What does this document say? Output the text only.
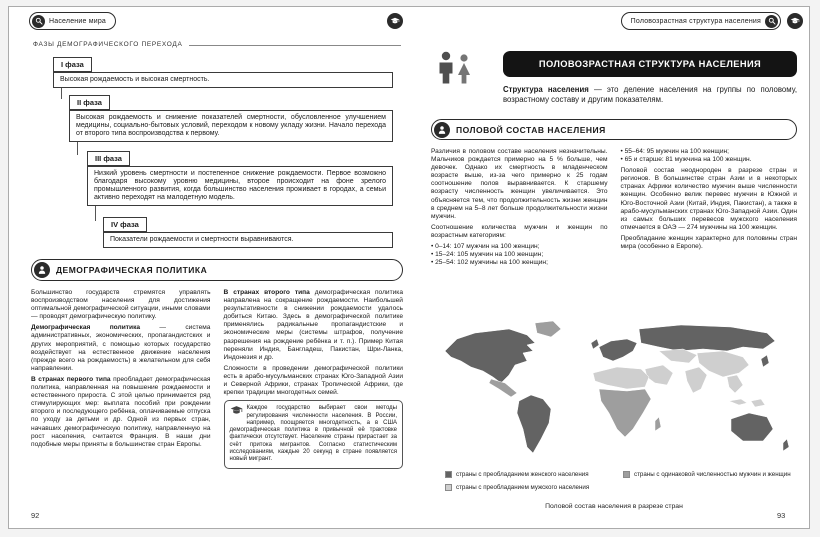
Население мира	Половозрастная структура населения
ФАЗЫ ДЕМОГРАФИЧЕСКОГО ПЕРЕХОДА
I фаза
Высокая рождаемость и высокая смертность.
II фаза
Высокая рождаемость и снижение показателей смертности, обусловленное улучшением медицины, социально-бытовых условий, переходом к новому укладу жизни. Начало перехода от второго типа воспроизводства к первому.
III фаза
Низкий уровень смертности и постепенное снижение рождаемости. Первое возможно благодаря высокому уровню медицины, второе происходит на фоне зрелого промышленного развития, когда большинство населения проживает в городах, а семьи активно переходят на малодетную модель.
IV фаза
Показатели рождаемости и смертности выравниваются.
ДЕМОГРАФИЧЕСКАЯ ПОЛИТИКА

Большинство государств стремятся управлять воспроизводством населения для достижения оптимальной демографической ситуации, иными словами — проводят демографическую политику.

Демографическая политика — система административных, экономических, пропагандистских и других мероприятий, с помощью которых государство воздействует на естественное движение населения (прежде всего на рождаемость) в желательном для себя направлении.

В странах первого типа преобладает демографическая политика, направленная на повышение рождаемости и естественного прироста. С этой целью принимается ряд стимулирующих мер: выплата пособий при рождении второго и последующего ребёнка, оплачиваемые отпуска по уходу за детьми и др. Одной из первых стран, начавших демографическую политику, направленную на рост населения, считается Франция. В наши дни подобные меры приняты в большинстве стран Европы.

В странах второго типа демографическая политика направлена на сокращение рождаемости. Наибольшей результативности в снижении рождаемости удалось добиться Китаю. Здесь в демографической политике применялись радикальные пропагандистские и экономические меры (системы штрафов, получение разрешения на рождение ребёнка и т. п.). Пример Китая переняли Индия, Бангладеш, Пакистан, Шри-Ланка, Индонезия и др.

Сложности в проведении демографической политики есть в арабо-мусульманских странах Юго-Западной Азии и Северной Африки, странах Тропической Африки, где крепки традиции многодетных семей.

Каждое государство выбирает свои методы регулирования численности населения. В России, например, поощряется многодетность, а в США демографическая политика в привычной её трактовке фактически отсутствует. Население страны прирастает за счёт притока мигрантов. Согласно статистическим исследованиям, каждые 20 секунд в стране появляется новый мигрант.
92
ПОЛОВОЗРАСТНАЯ СТРУКТУРА НАСЕЛЕНИЯ

Структура населения — это деление населения на группы по половому, возрастному составу и другим показателям.

ПОЛОВОЙ СОСТАВ НАСЕЛЕНИЯ

Различия в половом составе населения незначительны. Мальчиков рождается примерно на 5 % больше, чем девочек. Однако их смертность в младенческом возрасте выше, из-за чего примерно к 25 годам соотношение полов выравнивается. К старшему возрасту численность женщин увеличивается. Это объясняется тем, что продолжительность жизни женщин в среднем на 5–8 лет больше продолжительности жизни мужчин.

Соотношение количества мужчин и женщин по возрастным категориям:

• 0–14: 107 мужчин на 100 женщин;
• 15–24: 105 мужчин на 100 женщин;
• 25–54: 102 мужчины на 100 женщин;
• 55–64: 95 мужчин на 100 женщин;
• 65 и старше: 81 мужчина на 100 женщин.

Половой состав неоднороден в разрезе стран и регионов. В большинстве стран Азии и в некоторых странах Африки количество мужчин выше численности женщин. Особенно велик перевес мужчин в Южной и Юго-Восточной Азии (Китай, Индия, Пакистан), а также в арабо-мусульманских странах Юго-Западной Азии. Один из самых больших перевесов мужского населения отмечается в ОАЭ — 274 мужчины на 100 женщин.

Преобладание женщин характерно для половины стран мира (особенно в Европе).

страны с преобладанием женского населения
страны с преобладанием мужского населения
страны с одинаковой численностью мужчин и женщин
Половой состав населения в разрезе стран
93
